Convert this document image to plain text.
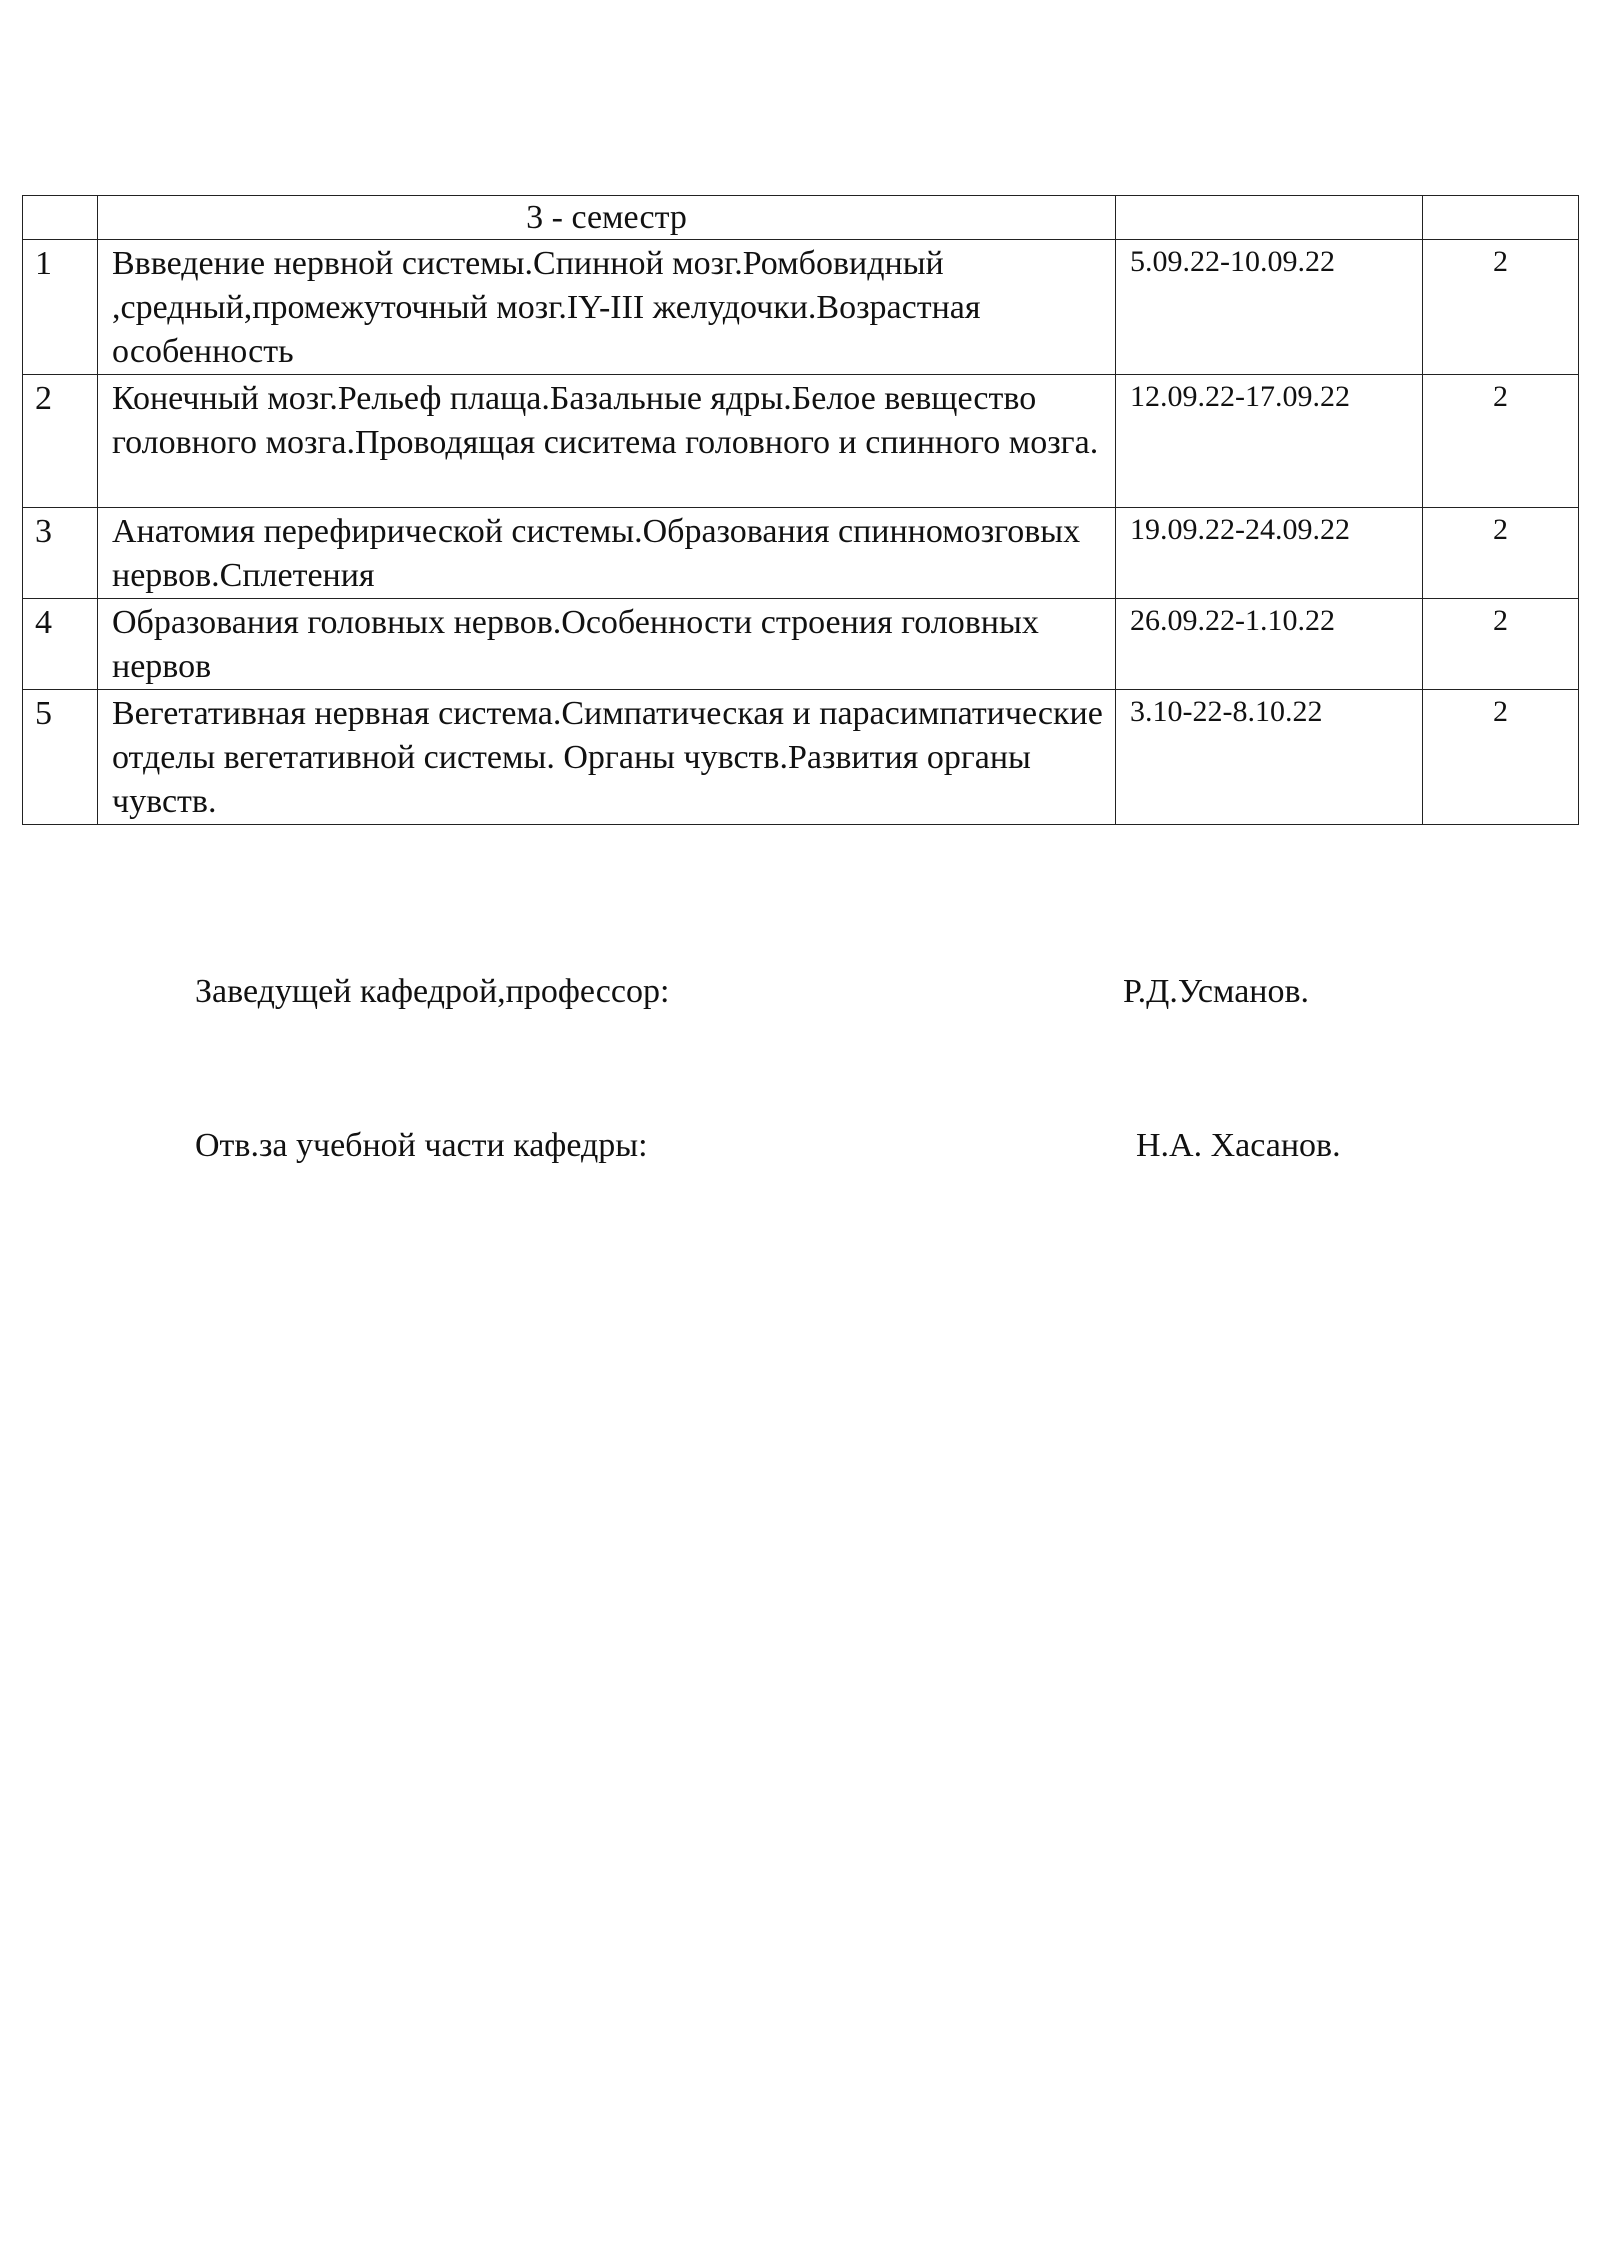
	3 - семестр		
1	Ввведение нервной системы.Спинной мозг.Ромбовидный ,средный,промежуточный мозг.IY-III желудочки.Возрастная особенность	5.09.22-10.09.22	2
2	Конечный мозг.Рельеф плаща.Базальные ядры.Белое вевщество головного мозга.Проводящая сиситема головного и спинного мозга.	12.09.22-17.09.22	2
3	Анатомия перефирической системы.Образования спинномозговых нервов.Сплетения	19.09.22-24.09.22	2
4	Образования головных нервов.Особенности строения головных нервов	26.09.22-1.10.22	2
5	Вегетативная нервная система.Симпатическая и парасимпатические отделы вегетативной системы. Органы чувств.Развития органы чувств.	3.10-22-8.10.22	2
Заведущей кафедрой,профессор:	Р.Д.Усманов.
Отв.за учебной части кафедры:	Н.А. Хасанов.
